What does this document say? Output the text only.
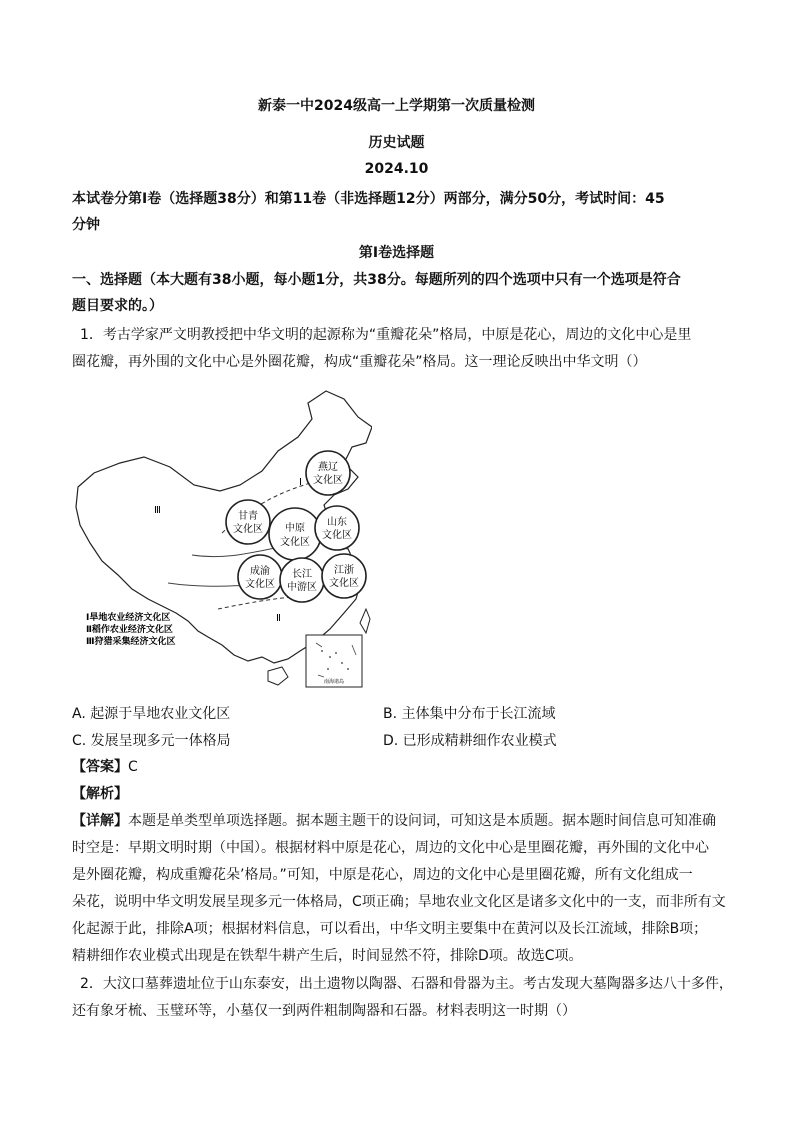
新泰一中2024级高一上学期第一次质量检测
历史试题
2024.10
本试卷分第Ⅰ卷（选择题38分）和第11卷（非选择题12分）两部分，满分50分，考试时间：45
分钟
第Ⅰ卷选择题
一、选择题（本大题有38小题，每小题1分，共38分。每题所列的四个选项中只有一个选项是符合
题目要求的。）
1．考古学家严文明教授把中华文明的起源称为“重瓣花朵”格局，中原是花心，周边的文化中心是里
圈花瓣，再外围的文化中心是外圈花瓣，构成“重瓣花朵”格局。这一理论反映出中华文明（）
甘青
文化区
燕辽
文化区
中原
文化区
山东
文化区
成渝
文化区
长江
中游区
江浙
文化区
Ⅰ
Ⅱ
Ⅲ
Ⅰ旱地农业经济文化区
Ⅱ稻作农业经济文化区
Ⅲ狩猎采集经济文化区
南海诸岛
A. 起源于旱地农业文化区	B. 主体集中分布于长江流域
C. 发展呈现多元一体格局	D. 已形成精耕细作农业模式
【答案】C
【解析】
【详解】本题是单类型单项选择题。据本题主题干的设问词，可知这是本质题。据本题时间信息可知准确
时空是：早期文明时期（中国）。根据材料中原是花心，周边的文化中心是里圈花瓣，再外围的文化中心
是外圈花瓣，构成重瓣花朵’格局。”可知，中原是花心，周边的文化中心是里圈花瓣，所有文化组成一
朵花，说明中华文明发展呈现多元一体格局，C项正确；旱地农业文化区是诸多文化中的一支，而非所有文
化起源于此，排除A项；根据材料信息，可以看出，中华文明主要集中在黄河以及长江流域，排除B项；
精耕细作农业模式出现是在铁犁牛耕产生后，时间显然不符，排除D项。故选C项。
2．大汶口墓葬遗址位于山东泰安，出土遗物以陶器、石器和骨器为主。考古发现大墓陶器多达八十多件，
还有象牙梳、玉璧环等，小墓仅一到两件粗制陶器和石器。材料表明这一时期（）
